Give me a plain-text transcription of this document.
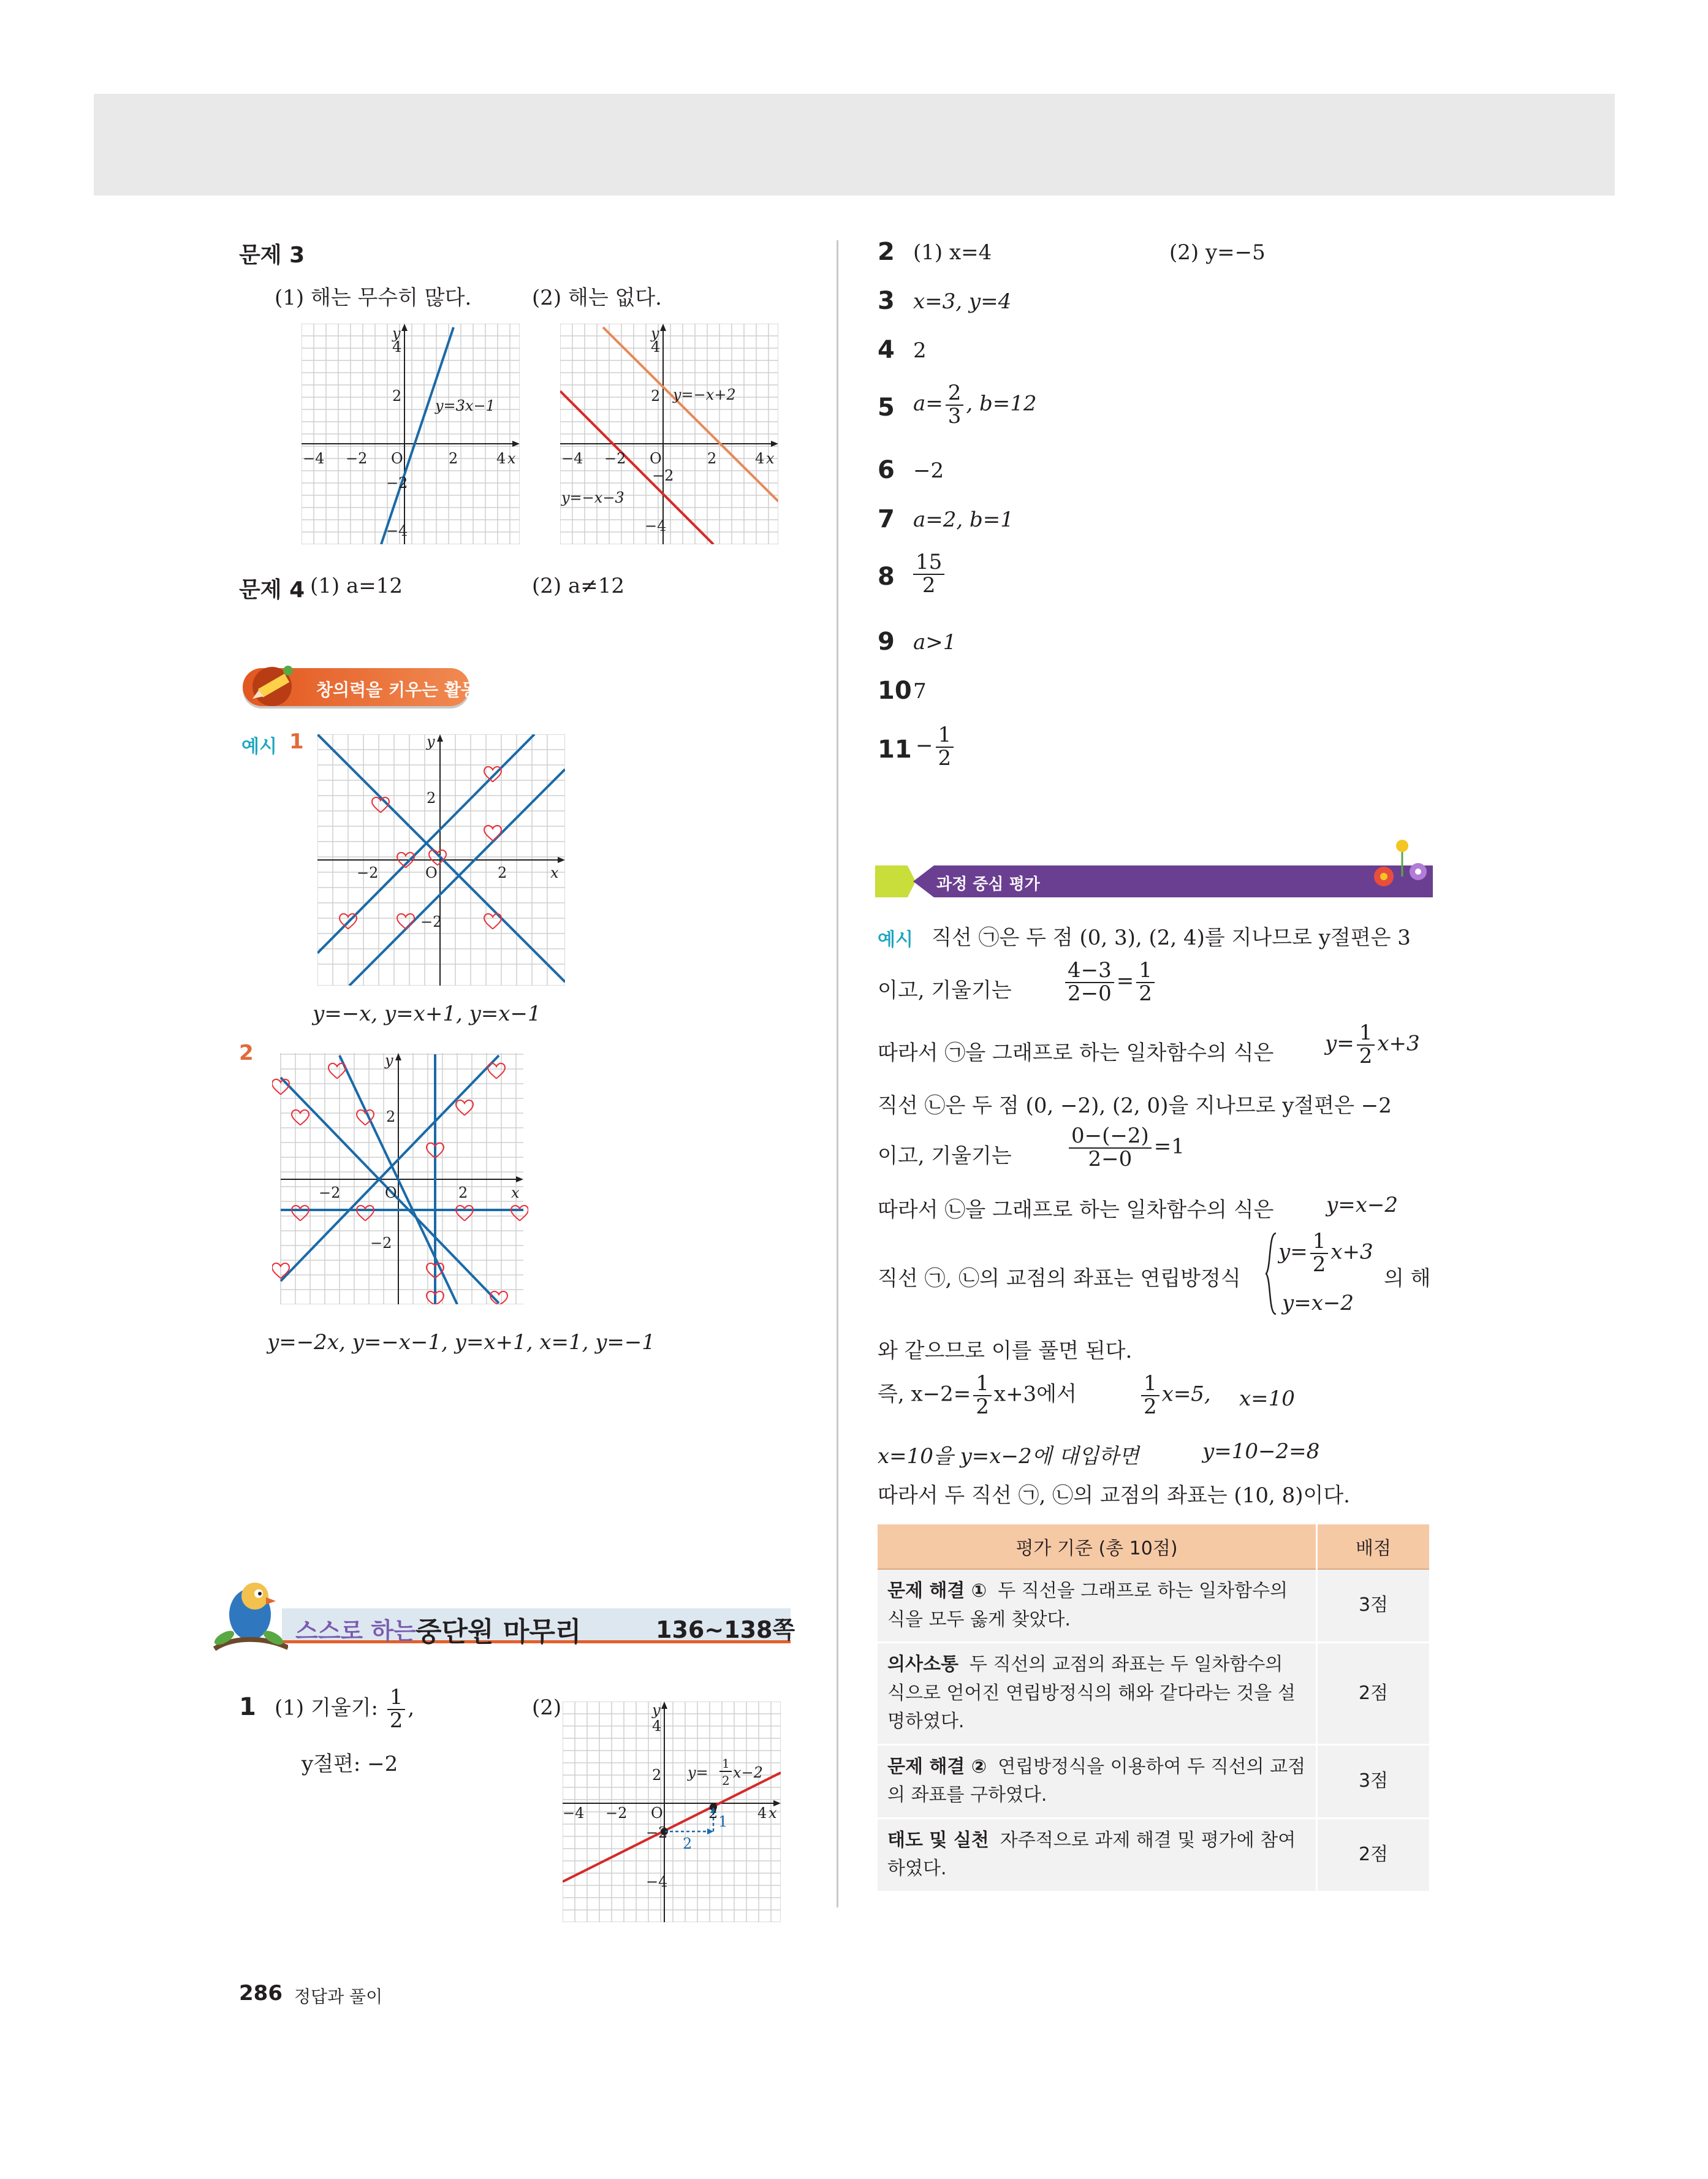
문제 3
(1) 해는 무수히 많다.	(2) 해는 없다.
−4 −2 O	2	4 x
y
4
2
−2
−4
y=3x−1
−4 −2 O	2	4 x
y
4
2
−2
−4
y=−x+2
y=−x−3
문제 4 (1) a=12	(2) a≠12
창의력을 키우는 활동
예시 1
−2	O	2	x
y
2
−2
y=−x, y=x+1, y=x−1
2
−2	O	2	x
y
2
−2
y=−2x, y=−x−1, y=x+1, x=1, y=−1
스스로 하는 중단원 마무리	136~138쪽
1 (1) 기울기: $\frac{1}{2}$ ,
y절편: −2
(2)
−4 −2 O	2	4 x
y
4
2
−2
−4
y=
1
2 x−2
2
1
286 정답과 풀이
2 (1) x=4	(2) y=−5
3 x=3, y=4
4 2
5 $a= \frac{2}{3}$ , b=12
6 −2
7 a=2, b=1
$8 \frac{15}{2}$
9 a>1
10 7
$11 - \frac{1}{2}$
과정 중심 평가
예시 직선 ㉠은 두 점 (0, 3), (2, 4)를 지나므로 y절편은 3
이고, 기울기는	$\frac{4-3}{2-0} = \frac{1}{2}$
따라서 ㉠을 그래프로 하는 일차함수의 식은 $y= \frac{1}{2} x+3$
직선 ㉡은 두 점 (0, −2), (2, 0)을 지나므로 y절편은 −2
이고, 기울기는	$\frac{0-(-2)}{2-0} =1$
따라서 ㉡을 그래프로 하는 일차함수의 식은	y=x−2
직선 ㉠, ㉡의 교점의 좌표는 연립방정식
$y= \frac{1}{2} x+3$
y=x−2
의 해
와 같으므로 이를 풀면 된다.
즉, $x-2= \frac{1}{2} x+3$에서	$\frac{1}{2} x=5$, x=10
x=10을 y=x−2에 대입하면	y=10−2=8
따라서 두 직선 ㉠, ㉡의 교점의 좌표는 (10, 8)이다.
평가 기준 (총 10점)	배점
문제 해결 ① 두 직선을 그래프로 하는 일차함수의 식을 모두 옳게 찾았다.	3점
의사소통 두 직선의 교점의 좌표는 두 일차함수의 식으로 얻어진 연립방정식의 해와 같다라는 것을 설명하였다.	2점
문제 해결 ② 연립방정식을 이용하여 두 직선의 교점의 좌표를 구하였다.	3점
태도 및 실천 자주적으로 과제 해결 및 평가에 참여하였다.	2점
